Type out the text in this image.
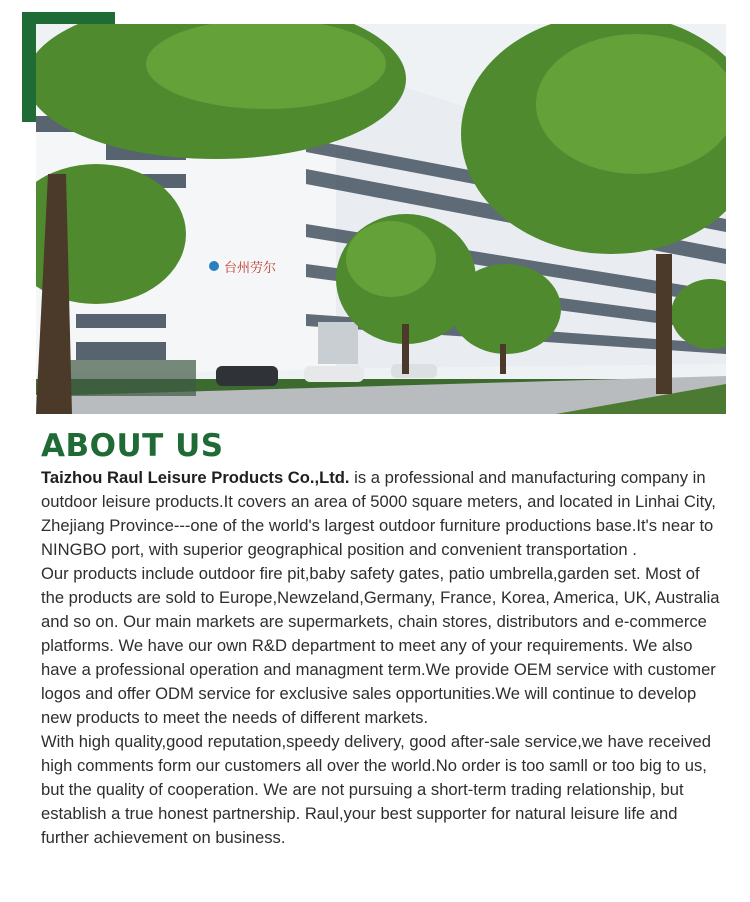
台州劳尔
ABOUT US

Taizhou Raul Leisure Products Co.,Ltd. is a professional and manufacturing company in outdoor leisure products.It covers an area of 5000 square meters, and located in Linhai City, Zhejiang Province---one of the world's largest outdoor furniture productions base.It's near to NINGBO port, with superior geographical position and convenient transportation .

Our products include outdoor fire pit,baby safety gates, patio umbrella,garden set. Most of the products are sold to Europe,Newzeland,Germany, France, Korea, America, UK, Australia and so on. Our main markets are supermarkets, chain stores, distributors and e-commerce platforms. We have our own R&D department to meet any of your requirements. We also have a professional operation and managment term.We provide OEM service with customer logos and offer ODM service for exclusive sales opportunities.We will continue to develop new products to meet the needs of different markets.

With high quality,good reputation,speedy delivery, good after-sale service,we have received high comments form our customers all over the world.No order is too samll or too big to us, but the quality of cooperation. We are not pursuing a short-term trading relationship, but establish a true honest partnership. Raul,your best supporter for natural leisure life and further achievement on business.
